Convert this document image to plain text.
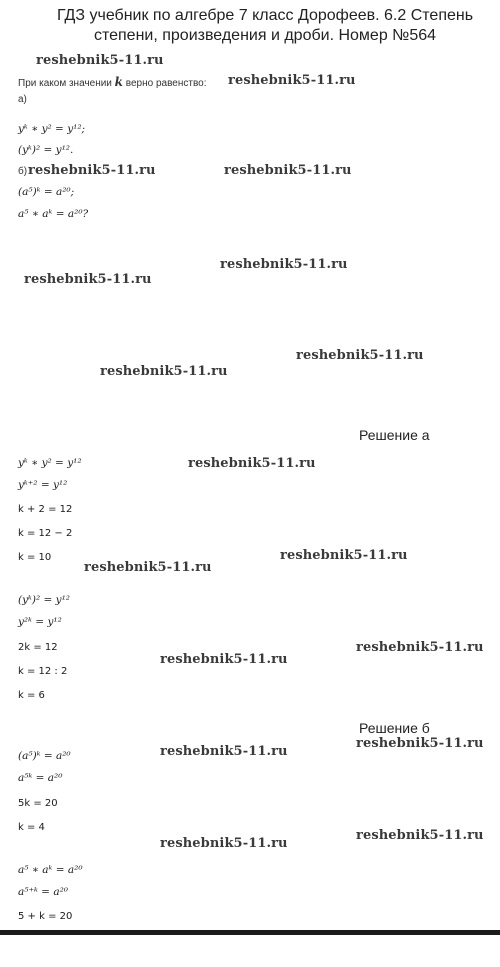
ГДЗ учебник по алгебре 7 класс Дорофеев. 6.2 Степень степени, произведения и дроби. Номер №564
reshebnik5-11.ru
reshebnik5-11.ru
reshebnik5-11.ru	reshebnik5-11.ru
reshebnik5-11.ru
reshebnik5-11.ru
reshebnik5-11.ru
reshebnik5-11.ru
reshebnik5-11.ru
reshebnik5-11.ru
reshebnik5-11.ru
reshebnik5-11.ru
reshebnik5-11.ru
reshebnik5-11.ru
reshebnik5-11.ru
reshebnik5-11.ru
reshebnik5-11.ru
При каком значении k верно равенство:
а)
yᵏ ∗ y² = y¹²;
(yᵏ)² = y¹².
б)
(a⁵)ᵏ = a²⁰;
a⁵ ∗ aᵏ = a²⁰?
Решение а
yᵏ ∗ y² = y¹²
yᵏ⁺² = y¹²
k + 2 = 12
k = 12 − 2
k = 10
(yᵏ)² = y¹²
y²ᵏ = y¹²
2k = 12
k = 12 : 2
k = 6
Решение б
(a⁵)ᵏ = a²⁰
a⁵ᵏ = a²⁰
5k = 20
k = 4
a⁵ ∗ aᵏ = a²⁰
a⁵⁺ᵏ = a²⁰
5 + k = 20
